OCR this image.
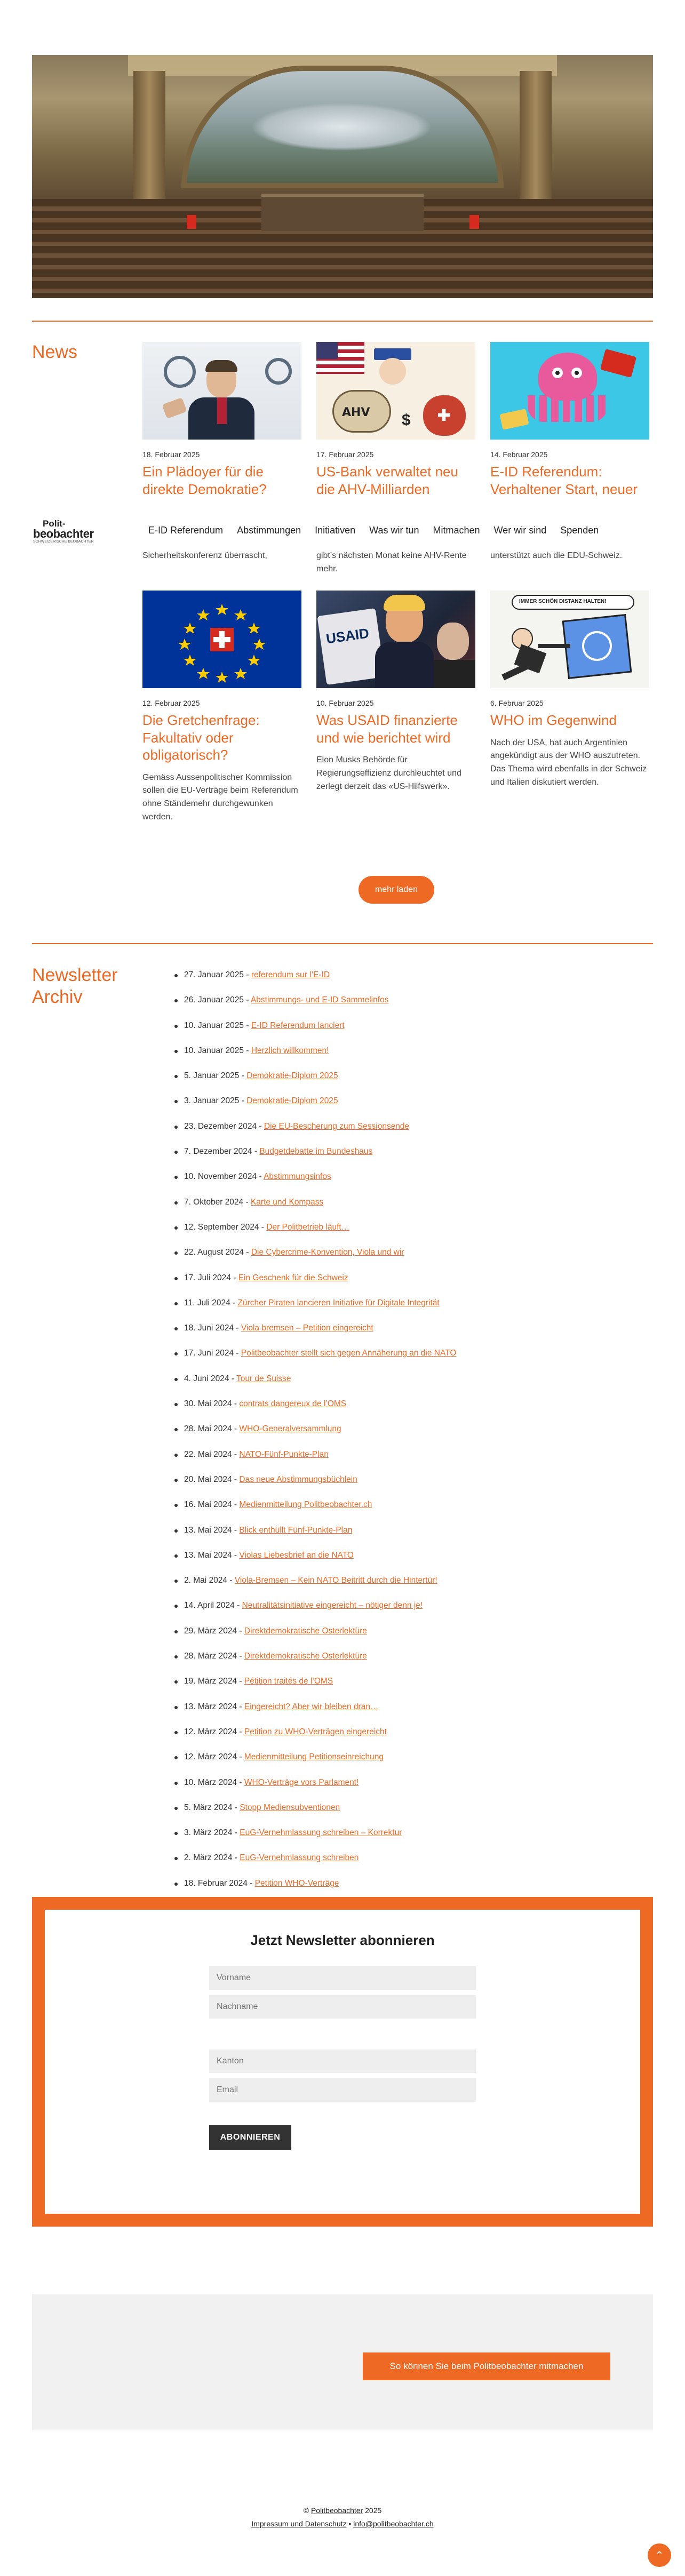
News
18. Februar 2025
Ein Plädoyer für die direkte Demokratie?
Sicherheitskonferenz überrascht,
AHV $
17. Februar 2025
US-Bank verwaltet neu die AHV-Milliarden
gibt’s nächsten Monat keine AHV-Rente mehr.
14. Februar 2025
E-ID Referendum: Verhaltener Start, neuer
unterstützt auch die EDU-Schweiz.
Polit-
beobachter
SCHWEIZERISCHE BEOBACHTER
E-ID Referendum Abstimmungen Initiativen Was wir tun Mitmachen Wer wir sind Spenden
12. Februar 2025
Die Gretchenfrage: Fakultativ oder obligatorisch?
Gemäss Aussenpolitischer Kommission sollen die EU-Verträge beim Referendum ohne Ständemehr durchgewunken werden.
USAID
10. Februar 2025
Was USAID finanzierte und wie berichtet wird
Elon Musks Behörde für Regierungseffizienz durchleuchtet und zerlegt derzeit das «US-Hilfswerk».
IMMER SCHÖN DISTANZ HALTEN!
6. Februar 2025
WHO im Gegenwind
Nach der USA, hat auch Argentinien angekündigt aus der WHO auszutreten. Das Thema wird ebenfalls in der Schweiz und Italien diskutiert werden.
mehr laden
Newsletter
Archiv
27. Januar 2025 - referendum sur l’E-ID
26. Januar 2025 - Abstimmungs- und E-ID Sammelinfos
10. Januar 2025 - E-ID Referendum lanciert
10. Januar 2025 - Herzlich willkommen!
5. Januar 2025 - Demokratie-Diplom 2025
3. Januar 2025 - Demokratie-Diplom 2025
23. Dezember 2024 - Die EU-Bescherung zum Sessionsende
7. Dezember 2024 - Budgetdebatte im Bundeshaus
10. November 2024 - Abstimmungsinfos
7. Oktober 2024 - Karte und Kompass
12. September 2024 - Der Politbetrieb läuft…
22. August 2024 - Die Cybercrime-Konvention, Viola und wir
17. Juli 2024 - Ein Geschenk für die Schweiz
11. Juli 2024 - Zürcher Piraten lancieren Initiative für Digitale Integrität
18. Juni 2024 - Viola bremsen – Petition eingereicht
17. Juni 2024 - Politbeobachter stellt sich gegen Annäherung an die NATO
4. Juni 2024 - Tour de Suisse
30. Mai 2024 - contrats dangereux de l’OMS
28. Mai 2024 - WHO-Generalversammlung
22. Mai 2024 - NATO-Fünf-Punkte-Plan
20. Mai 2024 - Das neue Abstimmungsbüchlein
16. Mai 2024 - Medienmitteilung Politbeobachter.ch
13. Mai 2024 - Blick enthüllt Fünf-Punkte-Plan
13. Mai 2024 - Violas Liebesbrief an die NATO
2. Mai 2024 - Viola-Bremsen – Kein NATO Beitritt durch die Hintertür!
14. April 2024 - Neutralitätsinitiative eingereicht – nötiger denn je!
29. März 2024 - Direktdemokratische Osterlektüre
28. März 2024 - Direktdemokratische Osterlektüre
19. März 2024 - Pétition traités de l’OMS
13. März 2024 - Eingereicht? Aber wir bleiben dran…
12. März 2024 - Petition zu WHO-Verträgen eingereicht
12. März 2024 - Medienmitteilung Petitionseinreichung
10. März 2024 - WHO-Verträge vors Parlament!
5. März 2024 - Stopp Mediensubventionen
3. März 2024 - EuG-Vernehmlassung schreiben – Korrektur
2. März 2024 - EuG-Vernehmlassung schreiben
18. Februar 2024 - Petition WHO-Verträge
Jetzt Newsletter abonnieren
Vorname
Nachname
Kanton
Email
ABONNIEREN
So können Sie beim Politbeobachter mitmachen
© Politbeobachter 2025
Impressum und Datenschutz • info@politbeobachter.ch
⌃
